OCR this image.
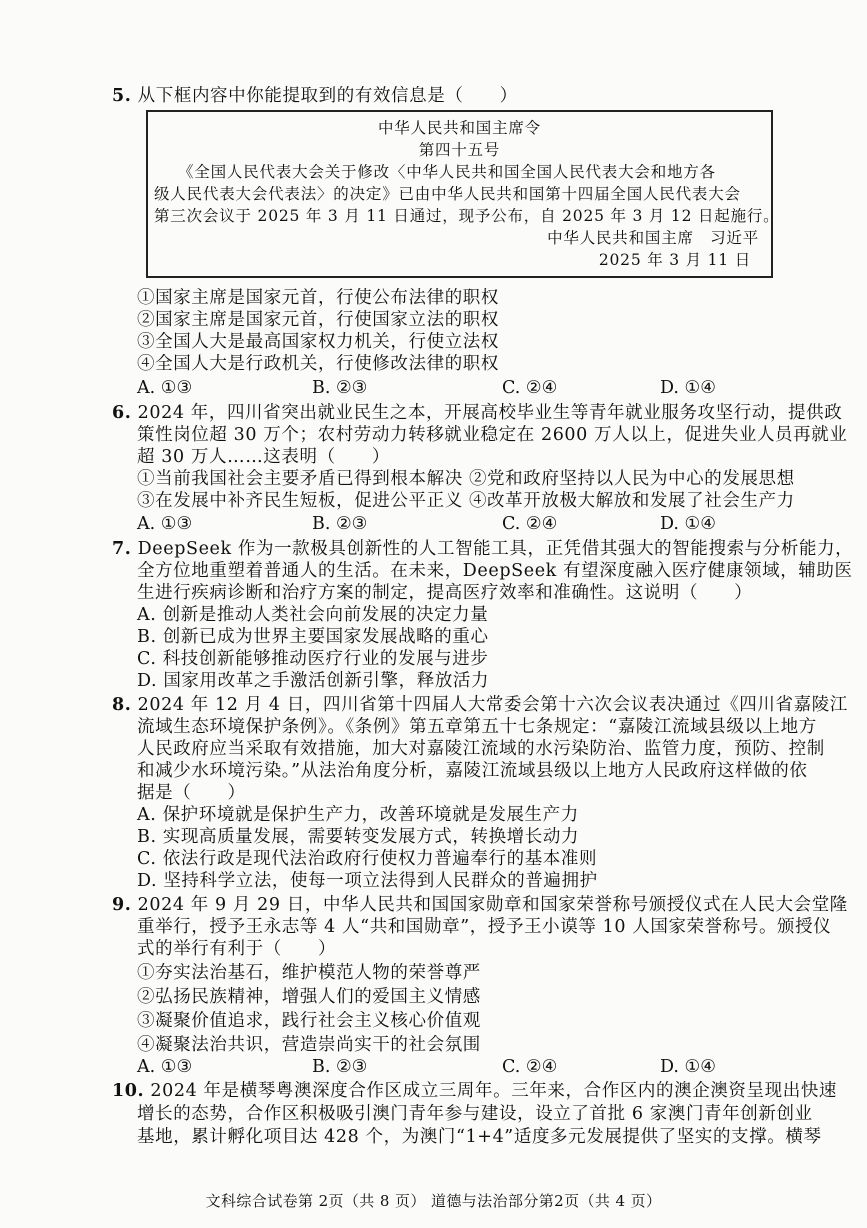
5. 从下框内容中你能提取到的有效信息是（　　）
中华人民共和国主席令
第四十五号
《全国人民代表大会关于修改〈中华人民共和国全国人民代表大会和地方各
级人民代表大会代表法〉的决定》已由中华人民共和国第十四届全国人民代表大会
第三次会议于 2025 年 3 月 11 日通过，现予公布，自 2025 年 3 月 12 日起施行。
中华人民共和国主席　习近平
2025 年 3 月 11 日
①国家主席是国家元首，行使公布法律的职权
②国家主席是国家元首，行使国家立法的职权
③全国人大是最高国家权力机关，行使立法权
④全国人大是行政机关，行使修改法律的职权
A. ①③	B. ②③	C. ②④	D. ①④
6. 2024 年，四川省突出就业民生之本，开展高校毕业生等青年就业服务攻坚行动，提供政
策性岗位超 30 万个；农村劳动力转移就业稳定在 2600 万人以上，促进失业人员再就业
超 30 万人……这表明（　　）
①当前我国社会主要矛盾已得到根本解决 ②党和政府坚持以人民为中心的发展思想
③在发展中补齐民生短板，促进公平正义 ④改革开放极大解放和发展了社会生产力
A. ①③	B. ②③	C. ②④	D. ①④
7. DeepSeek 作为一款极具创新性的人工智能工具，正凭借其强大的智能搜索与分析能力，
全方位地重塑着普通人的生活。在未来，DeepSeek 有望深度融入医疗健康领域，辅助医
生进行疾病诊断和治疗方案的制定，提高医疗效率和准确性。这说明（　　）
A. 创新是推动人类社会向前发展的决定力量
B. 创新已成为世界主要国家发展战略的重心
C. 科技创新能够推动医疗行业的发展与进步
D. 国家用改革之手激活创新引擎，释放活力
8. 2024 年 12 月 4 日，四川省第十四届人大常委会第十六次会议表决通过《四川省嘉陵江
流域生态环境保护条例》。《条例》第五章第五十七条规定：“嘉陵江流域县级以上地方
人民政府应当采取有效措施，加大对嘉陵江流域的水污染防治、监管力度，预防、控制
和减少水环境污染。”从法治角度分析，嘉陵江流域县级以上地方人民政府这样做的依
据是（　　）
A. 保护环境就是保护生产力，改善环境就是发展生产力
B. 实现高质量发展，需要转变发展方式，转换增长动力
C. 依法行政是现代法治政府行使权力普遍奉行的基本准则
D. 坚持科学立法，使每一项立法得到人民群众的普遍拥护
9. 2024 年 9 月 29 日，中华人民共和国国家勋章和国家荣誉称号颁授仪式在人民大会堂隆
重举行，授予王永志等 4 人“共和国勋章”，授予王小谟等 10 人国家荣誉称号。颁授仪
式的举行有利于（　　）
①夯实法治基石，维护模范人物的荣誉尊严
②弘扬民族精神，增强人们的爱国主义情感
③凝聚价值追求，践行社会主义核心价值观
④凝聚法治共识，营造崇尚实干的社会氛围
A. ①③	B. ②③	C. ②④	D. ①④
10. 2024 年是横琴粤澳深度合作区成立三周年。三年来，合作区内的澳企澳资呈现出快速
增长的态势，合作区积极吸引澳门青年参与建设，设立了首批 6 家澳门青年创新创业
基地，累计孵化项目达 428 个，为澳门“1+4”适度多元发展提供了坚实的支撑。横琴
文科综合试卷第 2页（共 8 页） 道德与法治部分第2页（共 4 页）
